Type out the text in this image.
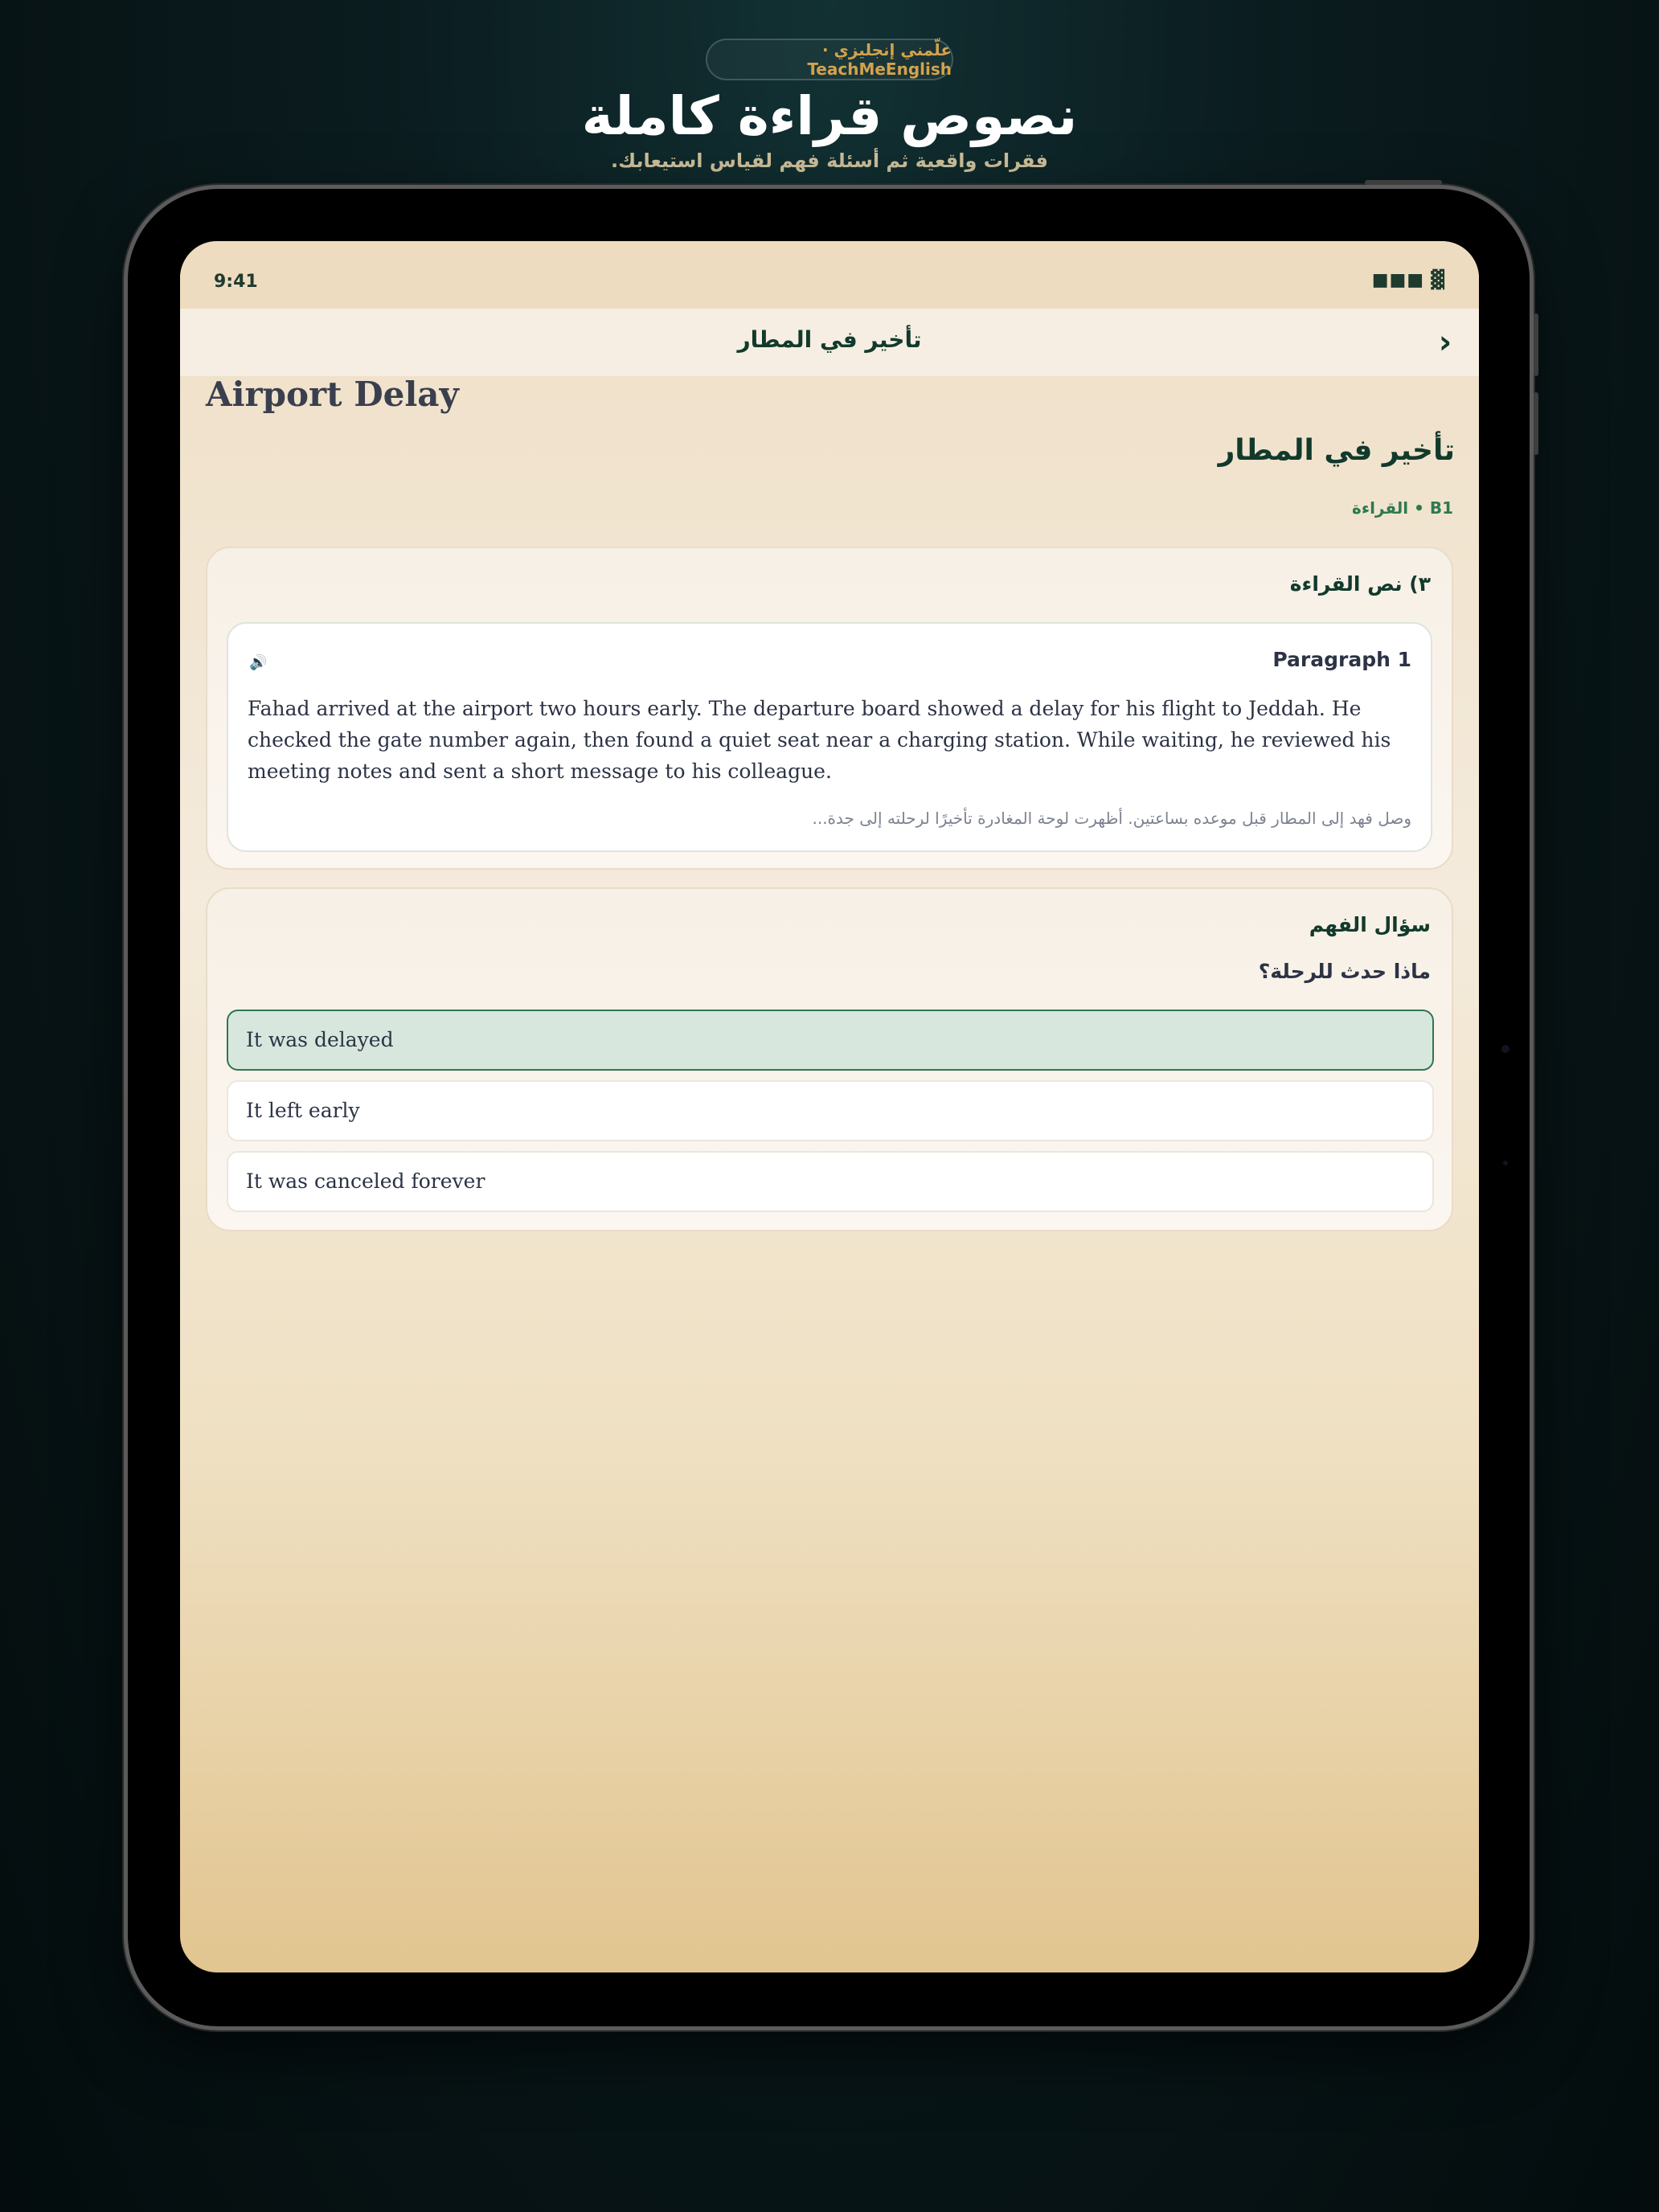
علّمني إنجليزي · TeachMeEnglish
نصوص قراءة كاملة
فقرات واقعية ثم أسئلة فهم لقياس استيعابك.
9:41	■■■ ▓
تأخير في المطار	›
Airport Delay
تأخير في المطار
B1 • القراءة
٣) نص القراءة
Paragraph 1
🔊
Fahad arrived at the airport two hours early. The departure board showed a delay for his flight to Jeddah. He checked the gate number again, then found a quiet seat near a charging station. While waiting, he reviewed his meeting notes and sent a short message to his colleague.
وصل فهد إلى المطار قبل موعده بساعتين. أظهرت لوحة المغادرة تأخيرًا لرحلته إلى جدة...
سؤال الفهم
ماذا حدث للرحلة؟
It was delayed
It left early
It was canceled forever
